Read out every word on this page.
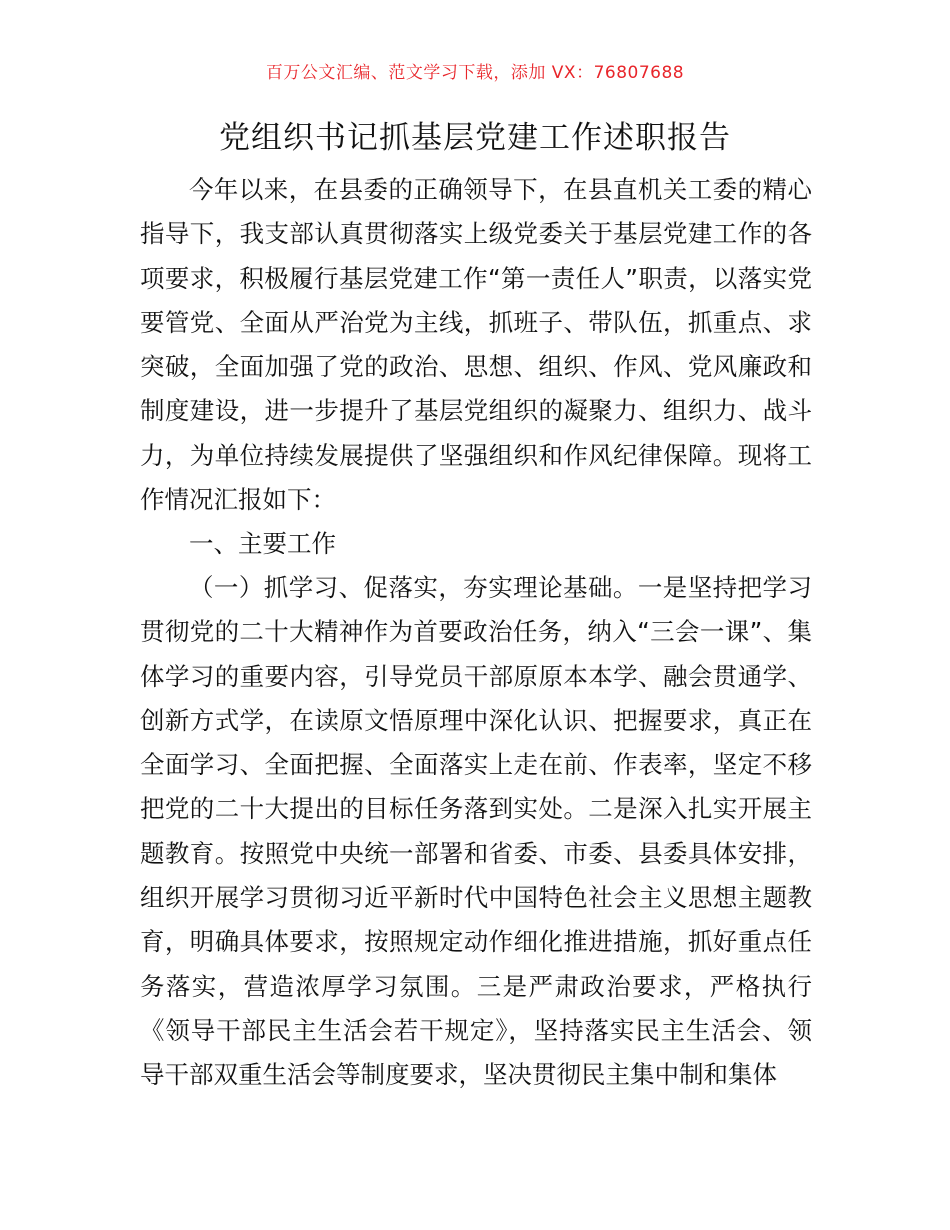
百万公文汇编、范文学习下载，添加 VX：76807688
党组织书记抓基层党建工作述职报告

今年以来，在县委的正确领导下，在县直机关工委的精心指导下，我支部认真贯彻落实上级党委关于基层党建工作的各项要求，积极履行基层党建工作“第一责任人”职责，以落实党要管党、全面从严治党为主线，抓班子、带队伍，抓重点、求突破，全面加强了党的政治、思想、组织、作风、党风廉政和制度建设，进一步提升了基层党组织的凝聚力、组织力、战斗力，为单位持续发展提供了坚强组织和作风纪律保障。现将工作情况汇报如下：

一、主要工作

（一）抓学习、促落实，夯实理论基础。一是坚持把学习贯彻党的二十大精神作为首要政治任务，纳入“三会一课”、集体学习的重要内容，引导党员干部原原本本学、融会贯通学、创新方式学，在读原文悟原理中深化认识、把握要求，真正在全面学习、全面把握、全面落实上走在前、作表率，坚定不移把党的二十大提出的目标任务落到实处。二是深入扎实开展主题教育。按照党中央统一部署和省委、市委、县委具体安排，组织开展学习贯彻习近平新时代中国特色社会主义思想主题教育，明确具体要求，按照规定动作细化推进措施，抓好重点任务落实，营造浓厚学习氛围。三是严肃政治要求，严格执行《领导干部民主生活会若干规定》，坚持落实民主生活会、领导干部双重生活会等制度要求，坚决贯彻民主集中制和集体
